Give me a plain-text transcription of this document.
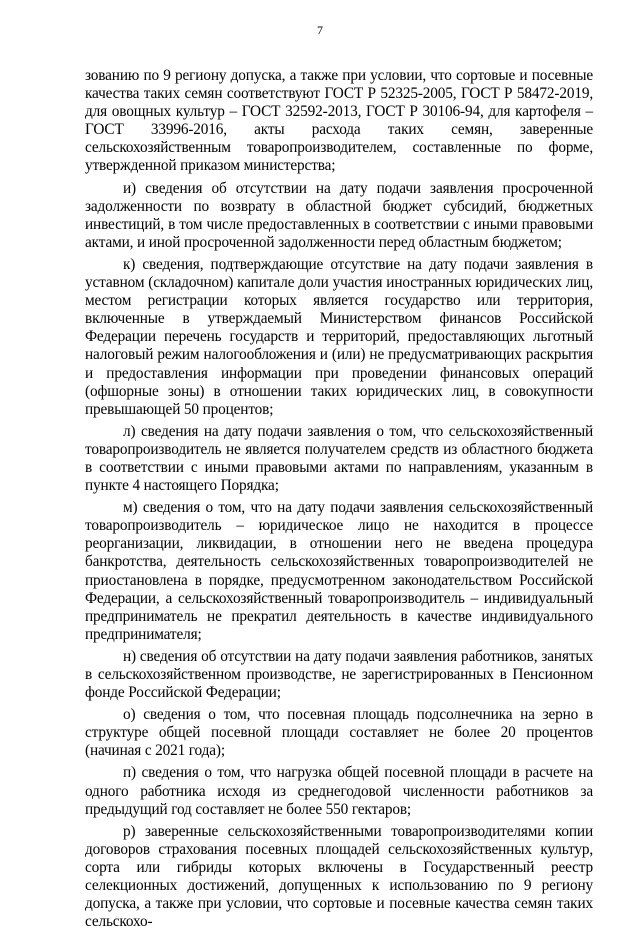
7

зованию по 9 региону допуска, а также при условии, что сортовые и посевные качества таких семян соответствуют ГОСТ Р 52325-2005, ГОСТ Р 58472-2019, для овощных культур – ГОСТ 32592-2013, ГОСТ Р 30106-94, для картофеля – ГОСТ 33996-2016, акты расхода таких семян, заверенные сельскохозяйственным товаропроизводителем, составленные по форме, утвержденной приказом министерства;

и) сведения об отсутствии на дату подачи заявления просроченной задолженности по возврату в областной бюджет субсидий, бюджетных инвестиций, в том числе предоставленных в соответствии с иными правовыми актами, и иной просроченной задолженности перед областным бюджетом;

к) сведения, подтверждающие отсутствие на дату подачи заявления в уставном (складочном) капитале доли участия иностранных юридических лиц, местом регистрации которых является государство или территория, включенные в утверждаемый Министерством финансов Российской Федерации перечень государств и территорий, предоставляющих льготный налоговый режим налогообложения и (или) не предусматривающих раскрытия и предоставления информации при проведении финансовых операций (офшорные зоны) в отношении таких юридических лиц, в совокупности превышающей 50 процентов;

л) сведения на дату подачи заявления о том, что сельскохозяйственный товаропроизводитель не является получателем средств из областного бюджета в соответствии с иными правовыми актами по направлениям, указанным в пункте 4 настоящего Порядка;

м) сведения о том, что на дату подачи заявления сельскохозяйственный товаропроизводитель – юридическое лицо не находится в процессе реорганизации, ликвидации, в отношении него не введена процедура банкротства, деятельность сельскохозяйственных товаропроизводителей не приостановлена в порядке, предусмотренном законодательством Российской Федерации, а сельскохозяйственный товаропроизводитель – индивидуальный предприниматель не прекратил деятельность в качестве индивидуального предпринимателя;

н) сведения об отсутствии на дату подачи заявления работников, занятых в сельскохозяйственном производстве, не зарегистрированных в Пенсионном фонде Российской Федерации;

о) сведения о том, что посевная площадь подсолнечника на зерно в структуре общей посевной площади составляет не более 20 процентов (начиная с 2021 года);

п) сведения о том, что нагрузка общей посевной площади в расчете на одного работника исходя из среднегодовой численности работников за предыдущий год составляет не более 550 гектаров;

р) заверенные сельскохозяйственными товаропроизводителями копии договоров страхования посевных площадей сельскохозяйственных культур, сорта или гибриды которых включены в Государственный реестр селекционных достижений, допущенных к использованию по 9 региону допуска, а также при условии, что сортовые и посевные качества семян таких сельскохо-
